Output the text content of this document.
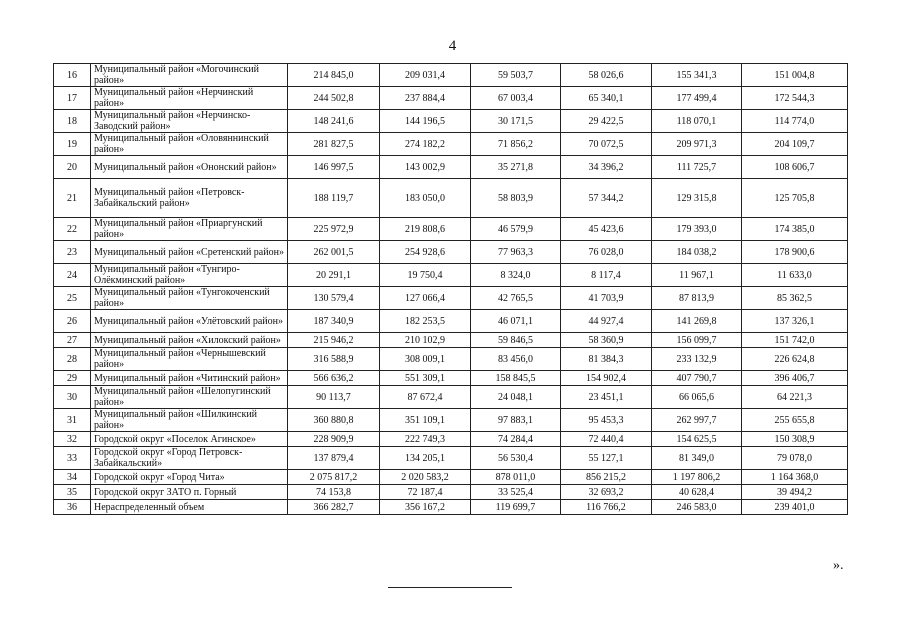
4
16	Муниципальный район «Могочинский район»	214 845,0	209 031,4	59 503,7	58 026,6	155 341,3	151 004,8
17	Муниципальный район «Нерчинский район»	244 502,8	237 884,4	67 003,4	65 340,1	177 499,4	172 544,3
18	Муниципальный район «Нерчинско-Заводский район»	148 241,6	144 196,5	30 171,5	29 422,5	118 070,1	114 774,0
19	Муниципальный район «Оловяннинский район»	281 827,5	274 182,2	71 856,2	70 072,5	209 971,3	204 109,7
20	Муниципальный район «Ононский район»	146 997,5	143 002,9	35 271,8	34 396,2	111 725,7	108 606,7
21	Муниципальный район «Петровск-Забайкальский район»	188 119,7	183 050,0	58 803,9	57 344,2	129 315,8	125 705,8
22	Муниципальный район «Приаргунский район»	225 972,9	219 808,6	46 579,9	45 423,6	179 393,0	174 385,0
23	Муниципальный район «Сретенский район»	262 001,5	254 928,6	77 963,3	76 028,0	184 038,2	178 900,6
24	Муниципальный район «Тунгиро-Олёкминский район»	20 291,1	19 750,4	8 324,0	8 117,4	11 967,1	11 633,0
25	Муниципальный район «Тунгокоченский район»	130 579,4	127 066,4	42 765,5	41 703,9	87 813,9	85 362,5
26	Муниципальный район «Улётовский район»	187 340,9	182 253,5	46 071,1	44 927,4	141 269,8	137 326,1
27	Муниципальный район «Хилокский район»	215 946,2	210 102,9	59 846,5	58 360,9	156 099,7	151 742,0
28	Муниципальный район «Чернышевский район»	316 588,9	308 009,1	83 456,0	81 384,3	233 132,9	226 624,8
29	Муниципальный район «Читинский район»	566 636,2	551 309,1	158 845,5	154 902,4	407 790,7	396 406,7
30	Муниципальный район «Шелопугинский район»	90 113,7	87 672,4	24 048,1	23 451,1	66 065,6	64 221,3
31	Муниципальный район «Шилкинский район»	360 880,8	351 109,1	97 883,1	95 453,3	262 997,7	255 655,8
32	Городской округ «Поселок Агинское»	228 909,9	222 749,3	74 284,4	72 440,4	154 625,5	150 308,9
33	Городской округ «Город Петровск-Забайкальский»	137 879,4	134 205,1	56 530,4	55 127,1	81 349,0	79 078,0
34	Городской округ «Город Чита»	2 075 817,2	2 020 583,2	878 011,0	856 215,2	1 197 806,2	1 164 368,0
35	Городской округ ЗАТО п. Горный	74 153,8	72 187,4	33 525,4	32 693,2	40 628,4	39 494,2
36	Нераспределенный объем	366 282,7	356 167,2	119 699,7	116 766,2	246 583,0	239 401,0
».
